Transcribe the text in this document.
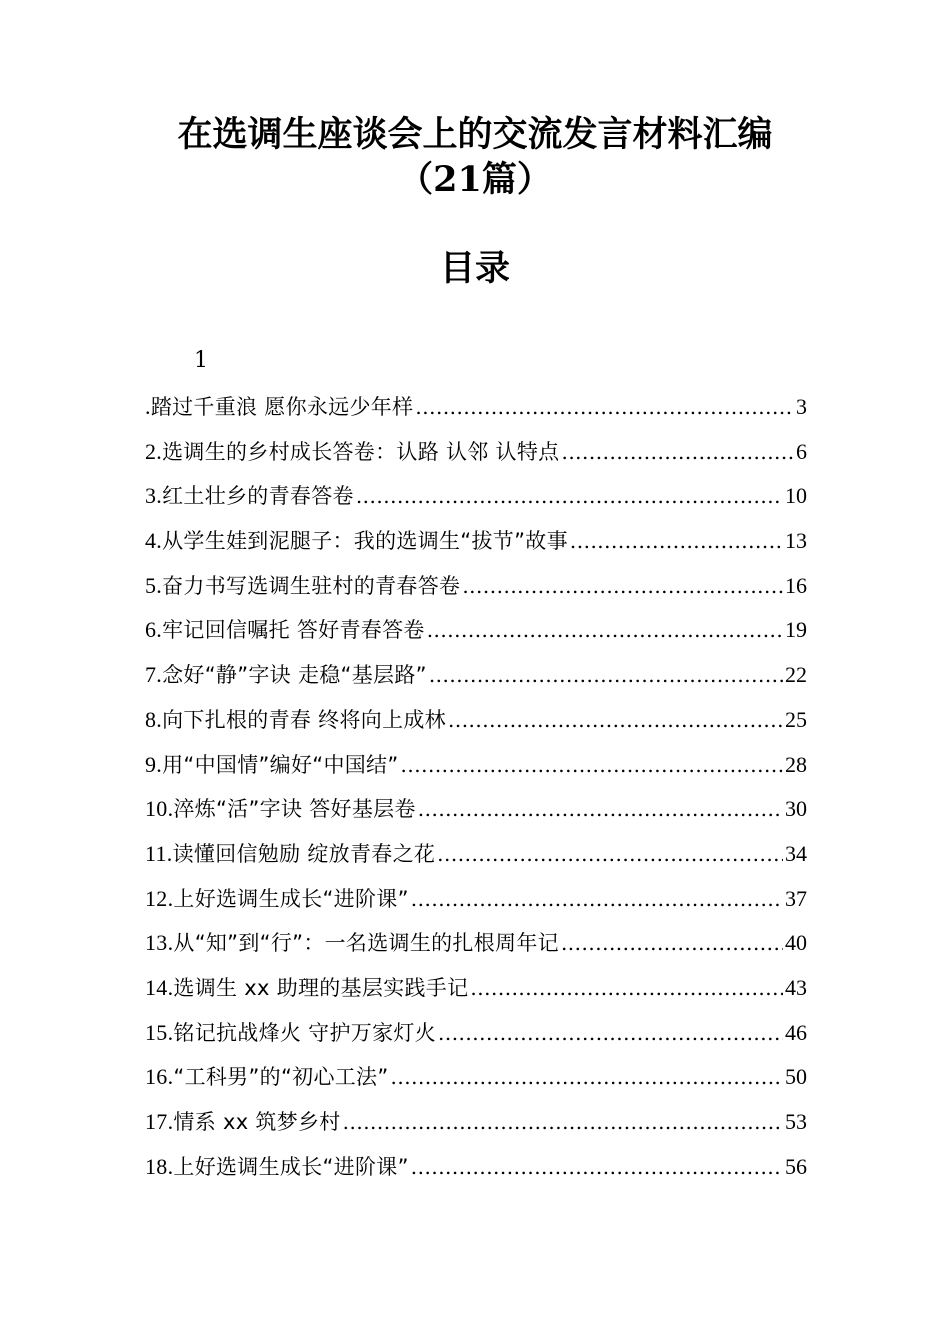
在选调生座谈会上的交流发言材料汇编
（21篇）
目录
1
.踏过千重浪 愿你永远少年样 .....	3
2.选调生的乡村成长答卷：认路 认邻 认特点 .....	6
3.红土壮乡的青春答卷 .....	10
4.从学生娃到泥腿子：我的选调生“拔节”故事 .....	13
5.奋力书写选调生驻村的青春答卷 .....	16
6.牢记回信嘱托 答好青春答卷 .....	19
7.念好“静”字诀 走稳“基层路” .....	22
8.向下扎根的青春 终将向上成林 .....	25
9.用“中国情”编好“中国结” .....	28
10.淬炼“活”字诀 答好基层卷 .....	30
11.读懂回信勉励 绽放青春之花 .....	34
12.上好选调生成长“进阶课” .....	37
13.从“知”到“行”：一名选调生的扎根周年记 .....	40
14.选调生 xx 助理的基层实践手记 .....	43
15.铭记抗战烽火 守护万家灯火 .....	46
16.“工科男”的“初心工法” .....	50
17.情系 xx 筑梦乡村 .....	53
18.上好选调生成长“进阶课” .....	56
